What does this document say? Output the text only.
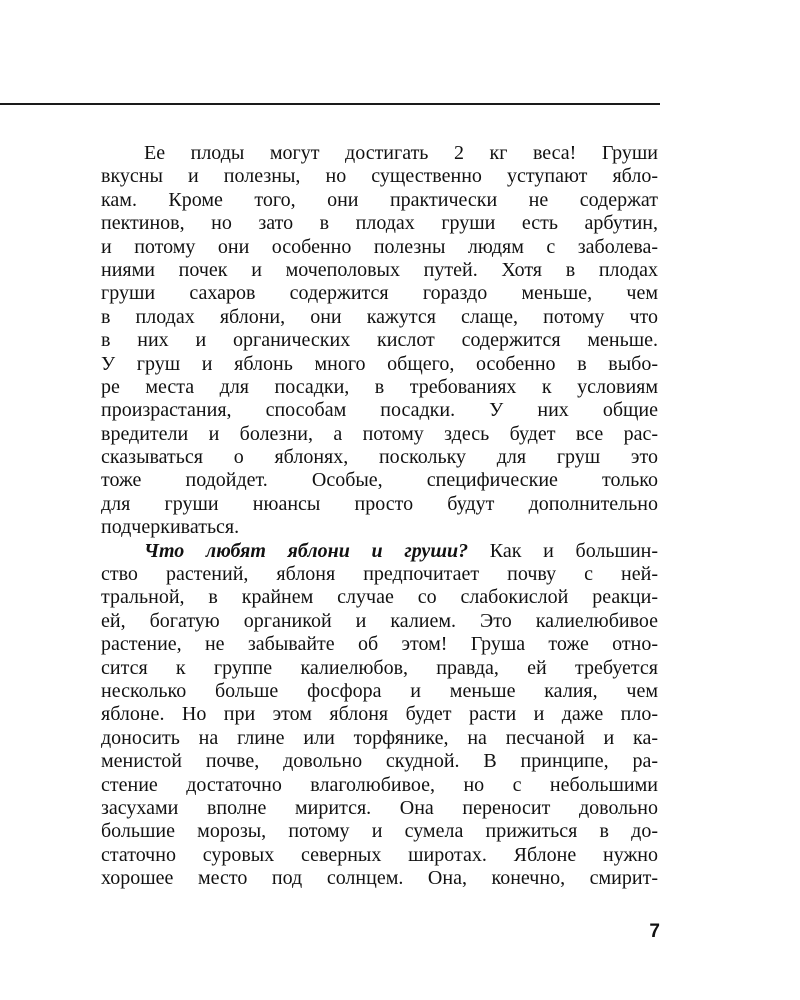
Ее плоды могут достигать 2 кг веса! Груши
вкусны и полезны, но существенно уступают ябло-
кам. Кроме того, они практически не содержат
пектинов, но зато в плодах груши есть арбутин,
и потому они особенно полезны людям с заболева-
ниями почек и мочеполовых путей. Хотя в плодах
груши сахаров содержится гораздо меньше, чем
в плодах яблони, они кажутся слаще, потому что
в них и органических кислот содержится меньше.
У груш и яблонь много общего, особенно в выбо-
ре места для посадки, в требованиях к условиям
произрастания, способам посадки. У них общие
вредители и болезни, а потому здесь будет все рас-
сказываться о яблонях, поскольку для груш это
тоже подойдет. Особые, специфические только
для груши нюансы просто будут дополнительно
подчеркиваться.
Что любят яблони и груши? Как и большин-
ство растений, яблоня предпочитает почву с ней-
тральной, в крайнем случае со слабокислой реакци-
ей, богатую органикой и калием. Это калиелюбивое
растение, не забывайте об этом! Груша тоже отно-
сится к группе калиелюбов, правда, ей требуется
несколько больше фосфора и меньше калия, чем
яблоне. Но при этом яблоня будет расти и даже пло-
доносить на глине или торфянике, на песчаной и ка-
менистой почве, довольно скудной. В принципе, ра-
стение достаточно влаголюбивое, но с небольшими
засухами вполне мирится. Она переносит довольно
большие морозы, потому и сумела прижиться в до-
статочно суровых северных широтах. Яблоне нужно
хорошее место под солнцем. Она, конечно, смирит-
7
